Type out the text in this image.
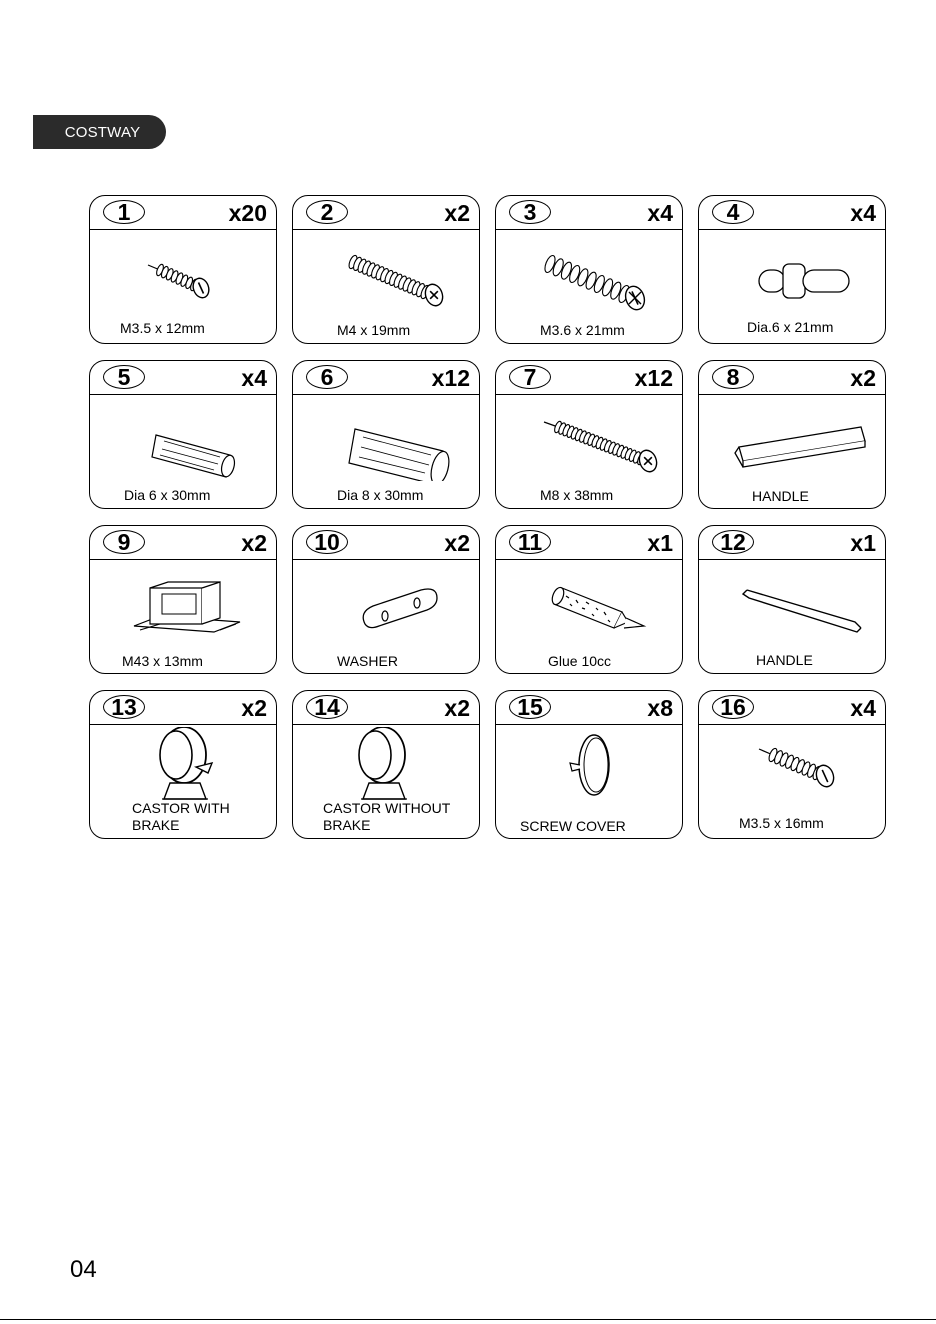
COSTWAY
1	x20
M3.5 x 12mm
2	x2
M4 x 19mm
3	x4
M3.6 x 21mm
4	x4
Dia.6 x 21mm
5	x4
Dia 6 x 30mm
6	x12
Dia 8 x 30mm
7	x12
M8 x 38mm
8	x2
HANDLE
9	x2
M43 x 13mm
10	x2
WASHER
11	x1
Glue 10cc
12	x1
HANDLE
13	x2
CASTOR WITH
BRAKE
14	x2
CASTOR WITHOUT
BRAKE
15	x8
SCREW COVER
16	x4
M3.5 x 16mm
04
